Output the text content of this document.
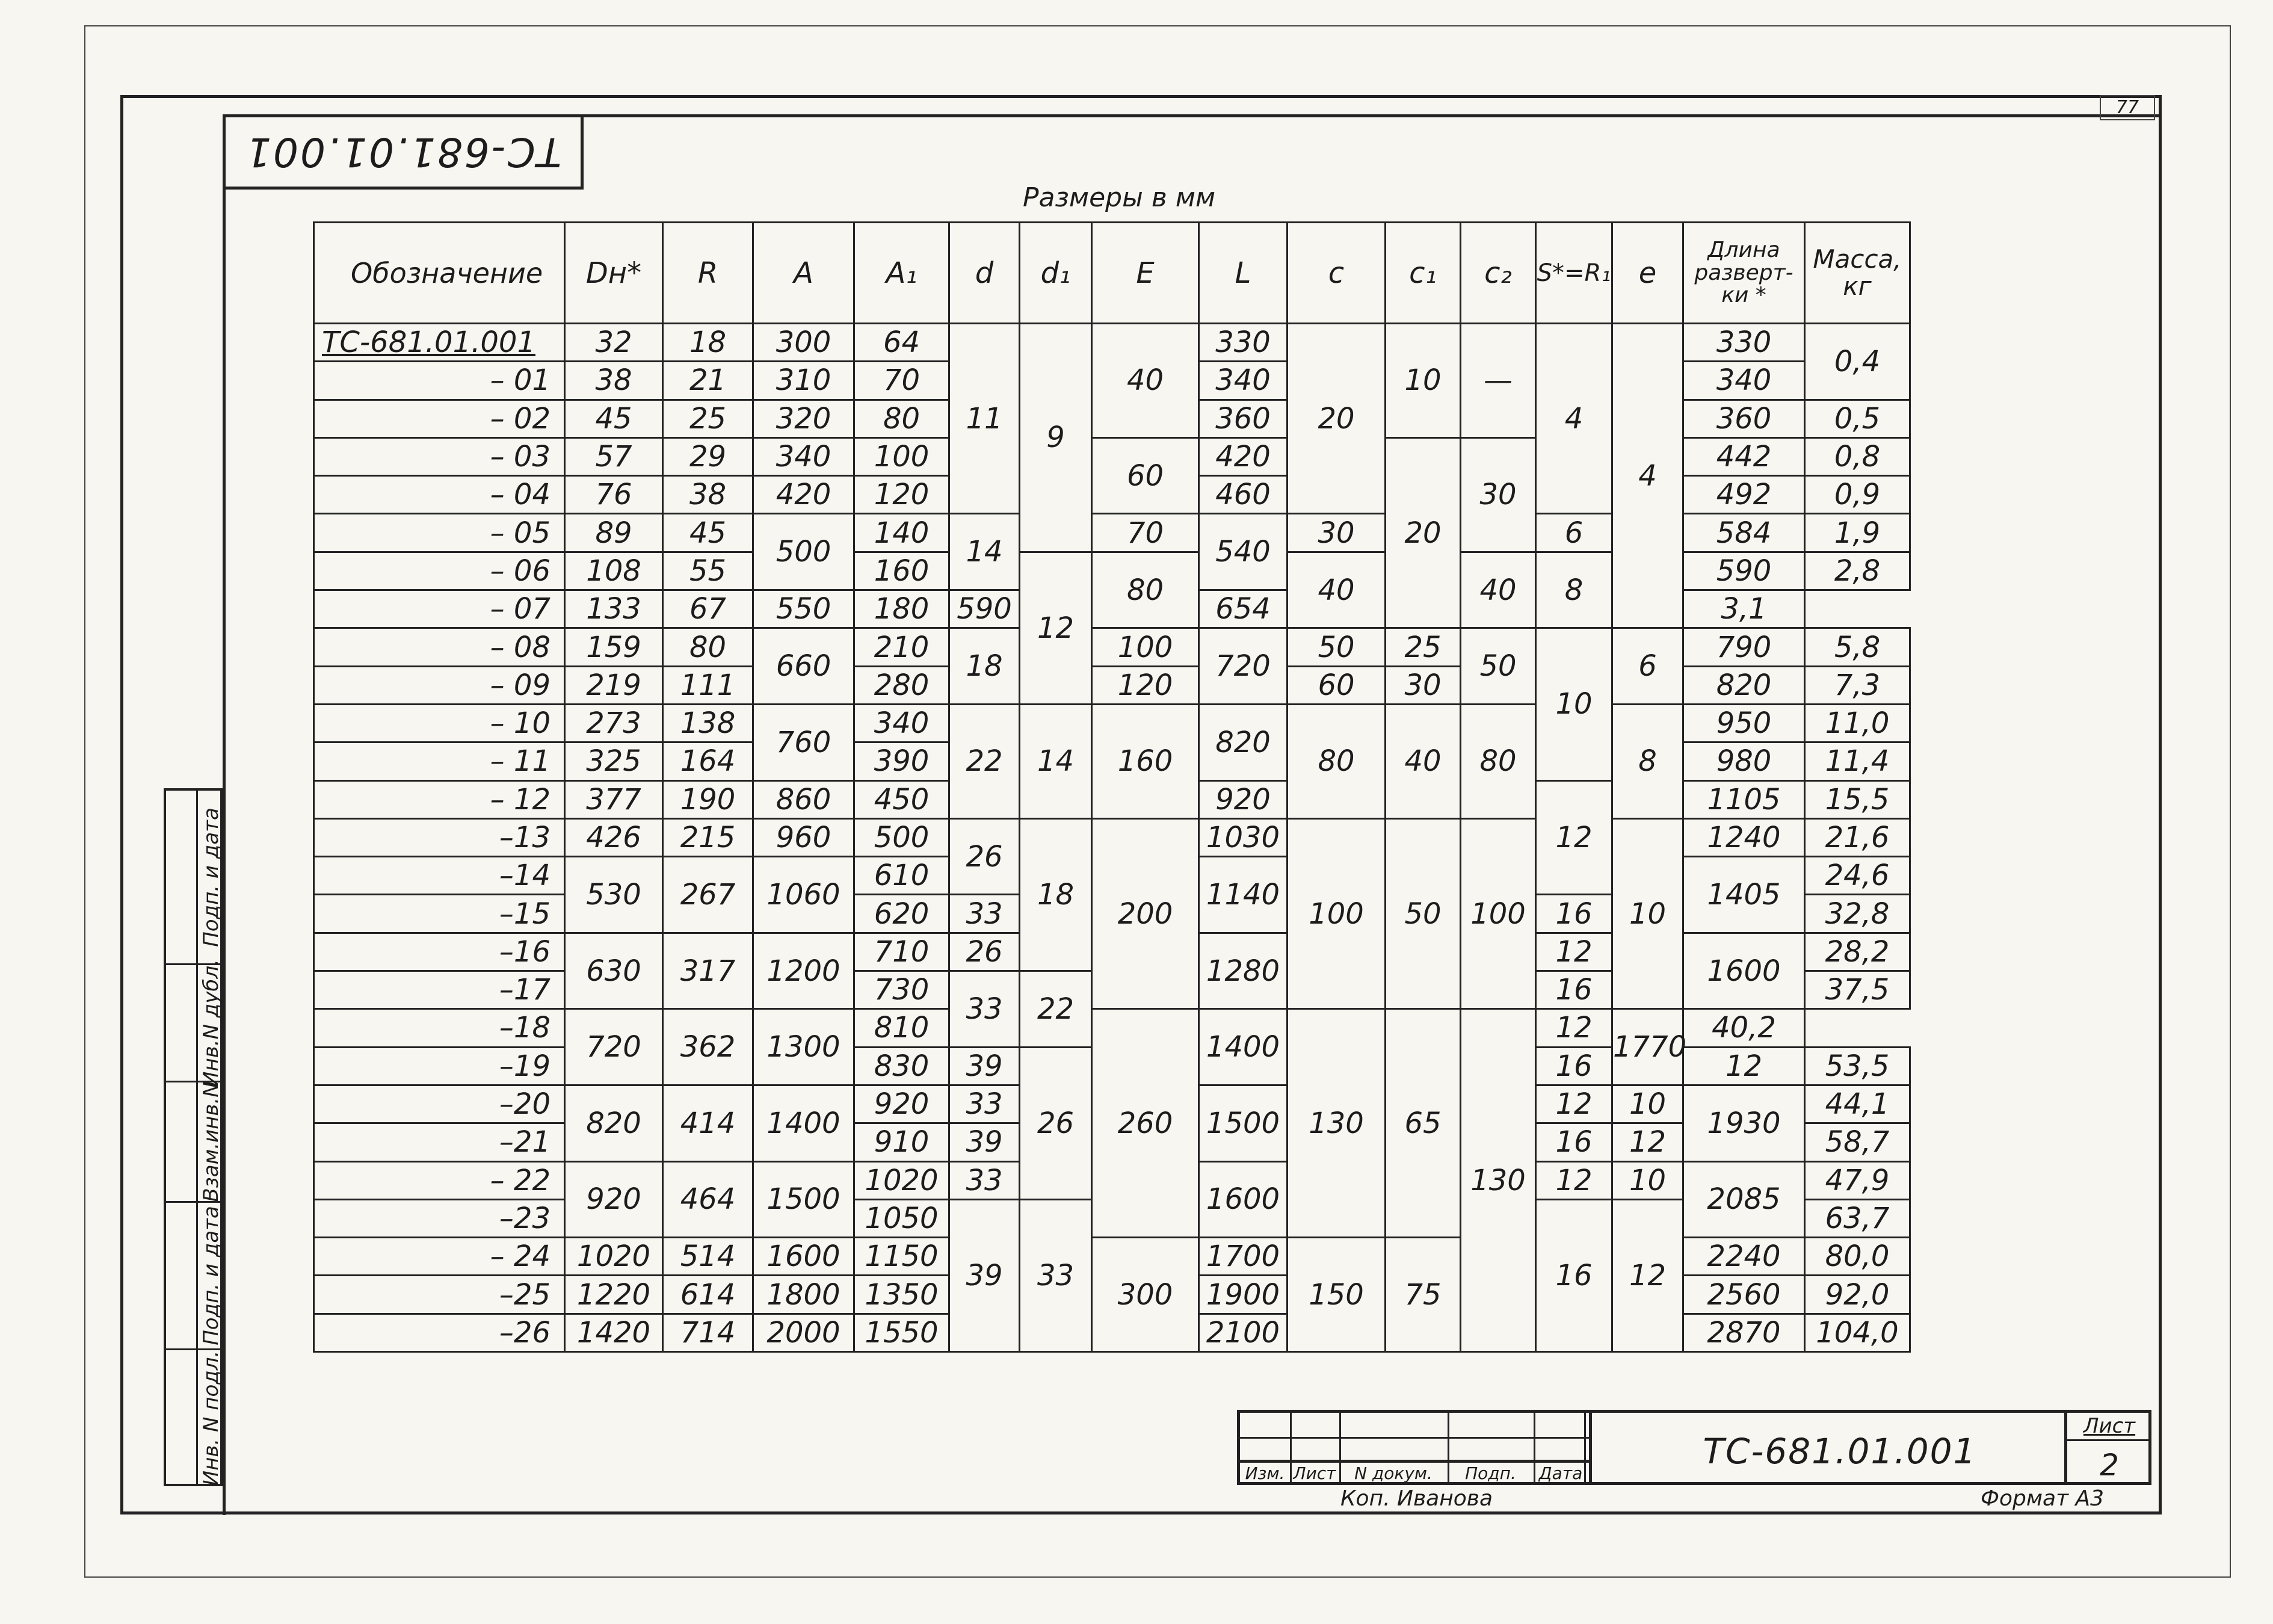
ТС-681.01.001
77
Размеры в мм
Обозначение	Dн*	R	A	A₁	d	d₁	E	L	c	c₁	c₂	S*=R₁	e	Длина разверт-ки *	Масса, кг
ТС-681.01.001	32	18	300	64	11	9	40	330	20	10	—	4	4	330	0,4
– 01	38	21	310	70				340						340	
– 02	45	25	320	80				360						360	0,5
– 03	57	29	340	100			60	420		20	30			442	0,8
– 04	76	38	420	120				460						492	0,9
– 05	89	45	500	140	14		70	540	30			6		584	1,9
– 06	108	55		160		12	80		40		40	8		590	2,8
– 07	133	67	550	180	590			654						3,1	
– 08	159	80	660	210	18		100	720	50	25	50	10	6	790	5,8
– 09	219	111		280			120		60	30				820	7,3
– 10	273	138	760	340	22	14	160	820	80	40	80		8	950	11,0
– 11	325	164		390										980	11,4
– 12	377	190	860	450				920				12		1105	15,5
–13	426	215	960	500	26	18	200	1030	100	50	100		10	1240	21,6
–14	530	267	1060	610				1140						1405	24,6
–15				620	33							16			32,8
–16	630	317	1200	710	26			1280				12		1600	28,2
–17				730	33	22						16			37,5
–18	720	362	1300	810			260	1400	130	65	130	12	1770	40,2	
–19				830	39	26						16		12	53,5
–20	820	414	1400	920	33			1500				12	10	1930	44,1
–21				910	39							16	12		58,7
– 22	920	464	1500	1020	33			1600				12	10	2085	47,9
–23				1050	39	33						16	12		63,7
– 24	1020	514	1600	1150			300	1700	150	75				2240	80,0
–25	1220	614	1800	1350				1900						2560	92,0
–26	1420	714	2000	1550				2100						2870	104,0
Подп. и дата
Инв.N дубл.
Взам.инв.N
Подп. и дата
Инв. N подл.	Изм. Лист	N докум.	Подп.	Дата
ТС-681.01.001
Лист
2
Коп. Иванова	Формат А3
